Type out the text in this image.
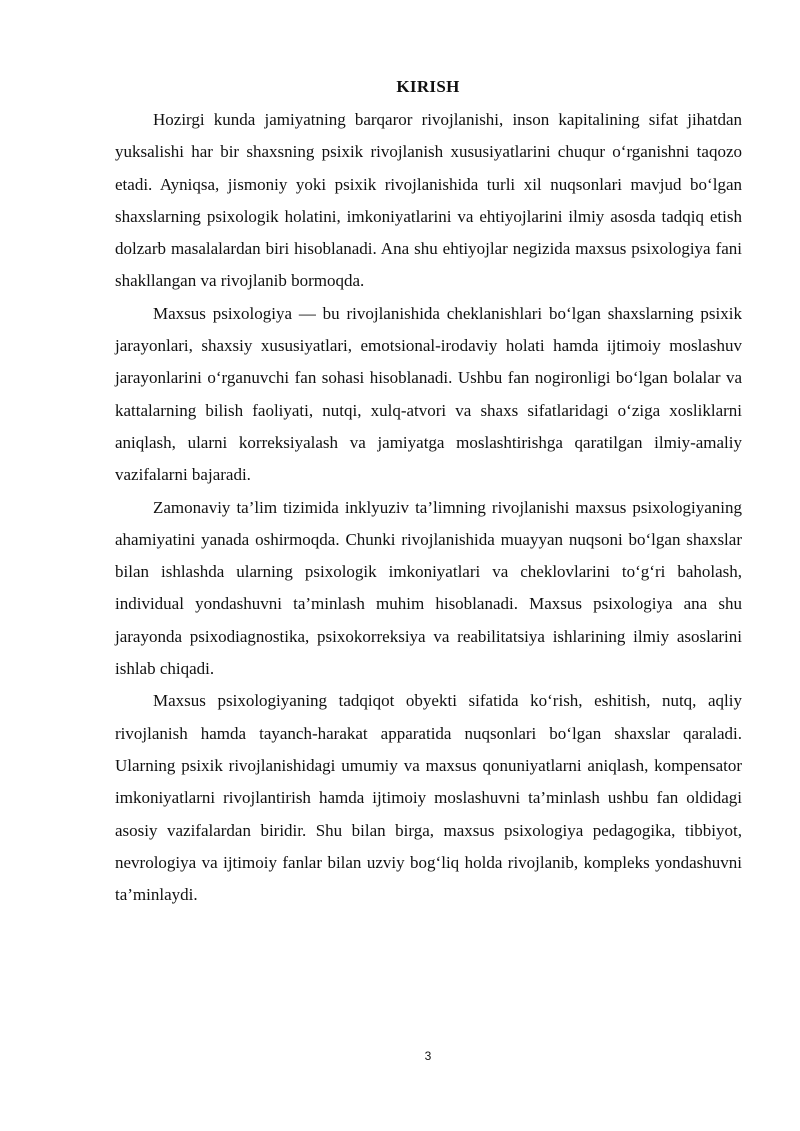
KIRISH

Hozirgi kunda jamiyatning barqaror rivojlanishi, inson kapitalining sifat jihatdan yuksalishi har bir shaxsning psixik rivojlanish xususiyatlarini chuqur o‘rganishni taqozo etadi. Ayniqsa, jismoniy yoki psixik rivojlanishida turli xil nuqsonlari mavjud bo‘lgan shaxslarning psixologik holatini, imkoniyatlarini va ehtiyojlarini ilmiy asosda tadqiq etish dolzarb masalalardan biri hisoblanadi. Ana shu ehtiyojlar negizida maxsus psixologiya fani shakllangan va rivojlanib bormoqda.

Maxsus psixologiya — bu rivojlanishida cheklanishlari bo‘lgan shaxslarning psixik jarayonlari, shaxsiy xususiyatlari, emotsional-irodaviy holati hamda ijtimoiy moslashuv jarayonlarini o‘rganuvchi fan sohasi hisoblanadi. Ushbu fan nogironligi bo‘lgan bolalar va kattalarning bilish faoliyati, nutqi, xulq-atvori va shaxs sifatlaridagi o‘ziga xosliklarni aniqlash, ularni korreksiyalash va jamiyatga moslashtirishga qaratilgan ilmiy-amaliy vazifalarni bajaradi.

Zamonaviy ta’lim tizimida inklyuziv ta’limning rivojlanishi maxsus psixologiyaning ahamiyatini yanada oshirmoqda. Chunki rivojlanishida muayyan nuqsoni bo‘lgan shaxslar bilan ishlashda ularning psixologik imkoniyatlari va cheklovlarini to‘g‘ri baholash, individual yondashuvni ta’minlash muhim hisoblanadi. Maxsus psixologiya ana shu jarayonda psixodiagnostika, psixokorreksiya va reabilitatsiya ishlarining ilmiy asoslarini ishlab chiqadi.

Maxsus psixologiyaning tadqiqot obyekti sifatida ko‘rish, eshitish, nutq, aqliy rivojlanish hamda tayanch-harakat apparatida nuqsonlari bo‘lgan shaxslar qaraladi. Ularning psixik rivojlanishidagi umumiy va maxsus qonuniyatlarni aniqlash, kompensator imkoniyatlarni rivojlantirish hamda ijtimoiy moslashuvni ta’minlash ushbu fan oldidagi asosiy vazifalardan biridir. Shu bilan birga, maxsus psixologiya pedagogika, tibbiyot, nevrologiya va ijtimoiy fanlar bilan uzviy bog‘liq holda rivojlanib, kompleks yondashuvni ta’minlaydi.

3
